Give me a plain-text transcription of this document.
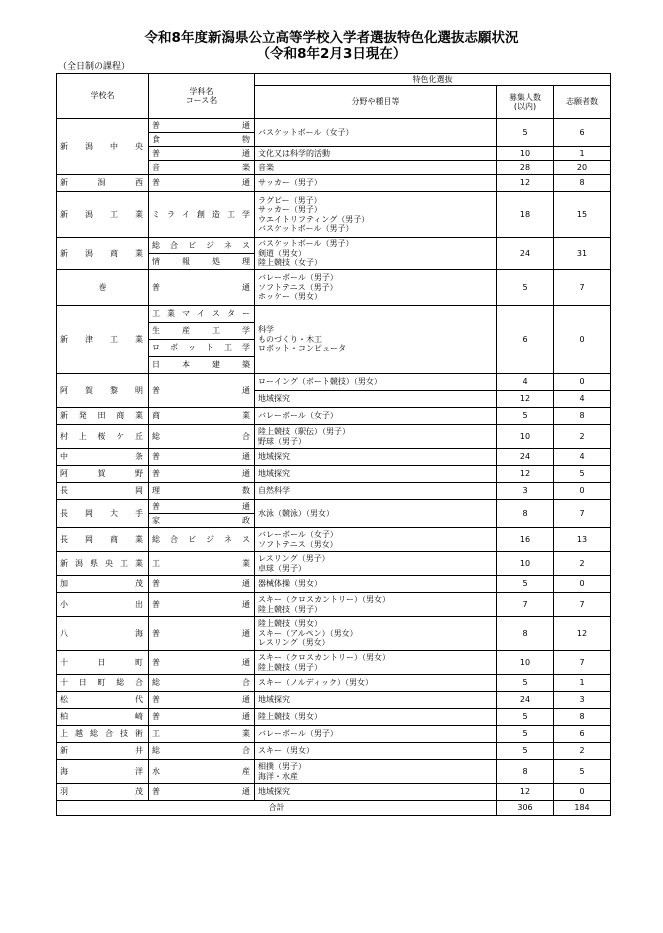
令和8年度新潟県公立高等学校入学者選抜特色化選抜志願状況
（令和8年2月3日現在）
（全日制の課程）
学校名	学科名
コース名	特色化選抜		
		分野や種目等	募集人数
(以内)	志願者数
新潟中央	普通	バスケットボール（女子）	5	6
	食物			
	普通	文化又は科学的活動	10	1
	音楽	音楽	28	20
新潟西	普通	サッカー（男子）	12	8
新潟工業	ミライ創造工学	ラグビー（男子）
サッカー（男子）
ウエイトリフティング（男子）
バスケットボール（男子）	18	15
新潟商業	総合ビジネス	バスケットボール（男子）
剣道（男女）
陸上競技（女子）	24	31
	情報処理			
巻	普通	バレーボール（男子）
ソフトテニス（男子）
ホッケー（男女）	5	7
新津工業	工業マイスター	科学
ものづくり・木工
ロボット・コンピュータ	6	0
	生産工学			
	ロボット工学			
	日本建築			
阿賀黎明	普通	ローイング（ボート競技）（男女）	4	0

		地域探究	12	4
新発田商業	商業	バレーボール（女子）	5	8
村上桜ケ丘	総合	陸上競技（駅伝）（男子）
野球（男子）	10	2
中条	普通	地域探究	24	4
阿賀野	普通	地域探究	12	5
長岡	理数	自然科学	3	0
長岡大手	普通	水泳（競泳）（男女）	8	7
	家政			
長岡商業	総合ビジネス	バレーボール（女子）
ソフトテニス（男女）	16	13
新潟県央工業	工業	レスリング（男子）
卓球（男子）	10	2
加茂	普通	器械体操（男女）	5	0
小出	普通	スキー（クロスカントリー）（男女）
陸上競技（男子）	7	7
八海	普通	陸上競技（男女）
スキー（アルペン）（男女）
レスリング（男女）	8	12
十日町	普通	スキー（クロスカントリー）（男女）
陸上競技（男子）	10	7
十日町総合	総合	スキー（ノルディック）（男女）	5	1
松代	普通	地域探究	24	3
柏崎	普通	陸上競技（男女）	5	8
上越総合技術	工業	バレーボール（男子）	5	6
新井	総合	スキー（男女）	5	2
海洋	水産	相撲（男子）
海洋・水産	8	5
羽茂	普通	地域探究	12	0
合計			306	184
